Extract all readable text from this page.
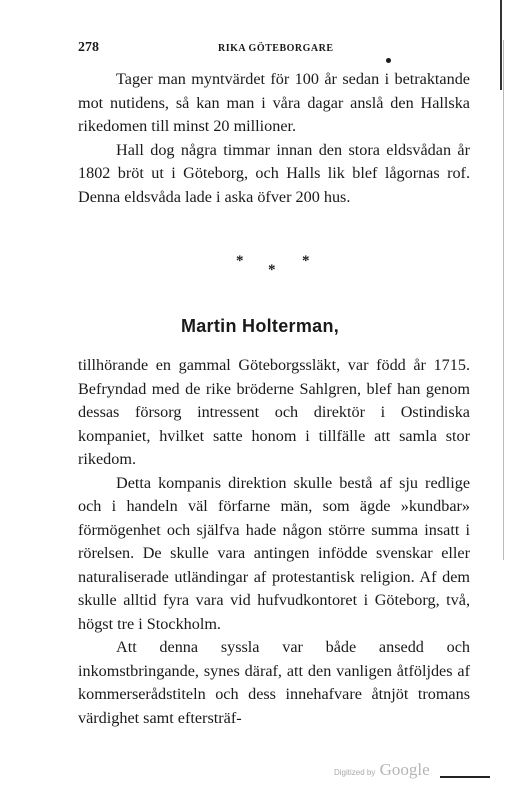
278	RIKA GÖTEBORGARE

Tager man myntvärdet för 100 år sedan i betraktande mot nutidens, så kan man i våra dagar anslå den Hallska rikedomen till minst 20 millioner.

Hall dog några timmar innan den stora eldsvådan år 1802 bröt ut i Göteborg, och Halls lik blef lågornas rof. Denna eldsvåda lade i aska öfver 200 hus.

*
*
*
Martin Holterman,

tillhörande en gammal Göteborgssläkt, var född år 1715. Befryndad med de rike bröderne Sahlgren, blef han genom dessas försorg intressent och direktör i Ostindiska kompaniet, hvilket satte honom i tillfälle att samla stor rikedom.

Detta kompanis direktion skulle bestå af sju redlige och i handeln väl förfarne män, som ägde »kundbar» förmögenhet och själfva hade någon större summa insatt i rörelsen. De skulle vara antingen infödde svenskar eller naturaliserade utländingar af protestantisk religion. Af dem skulle alltid fyra vara vid hufvudkontoret i Göteborg, två, högst tre i Stockholm.

Att denna syssla var både ansedd och inkomstbringande, synes däraf, att den vanligen åtföljdes af kommerserådstiteln och dess innehafvare åtnjöt tromans värdighet samt eftersträf-

Digitized by Google
